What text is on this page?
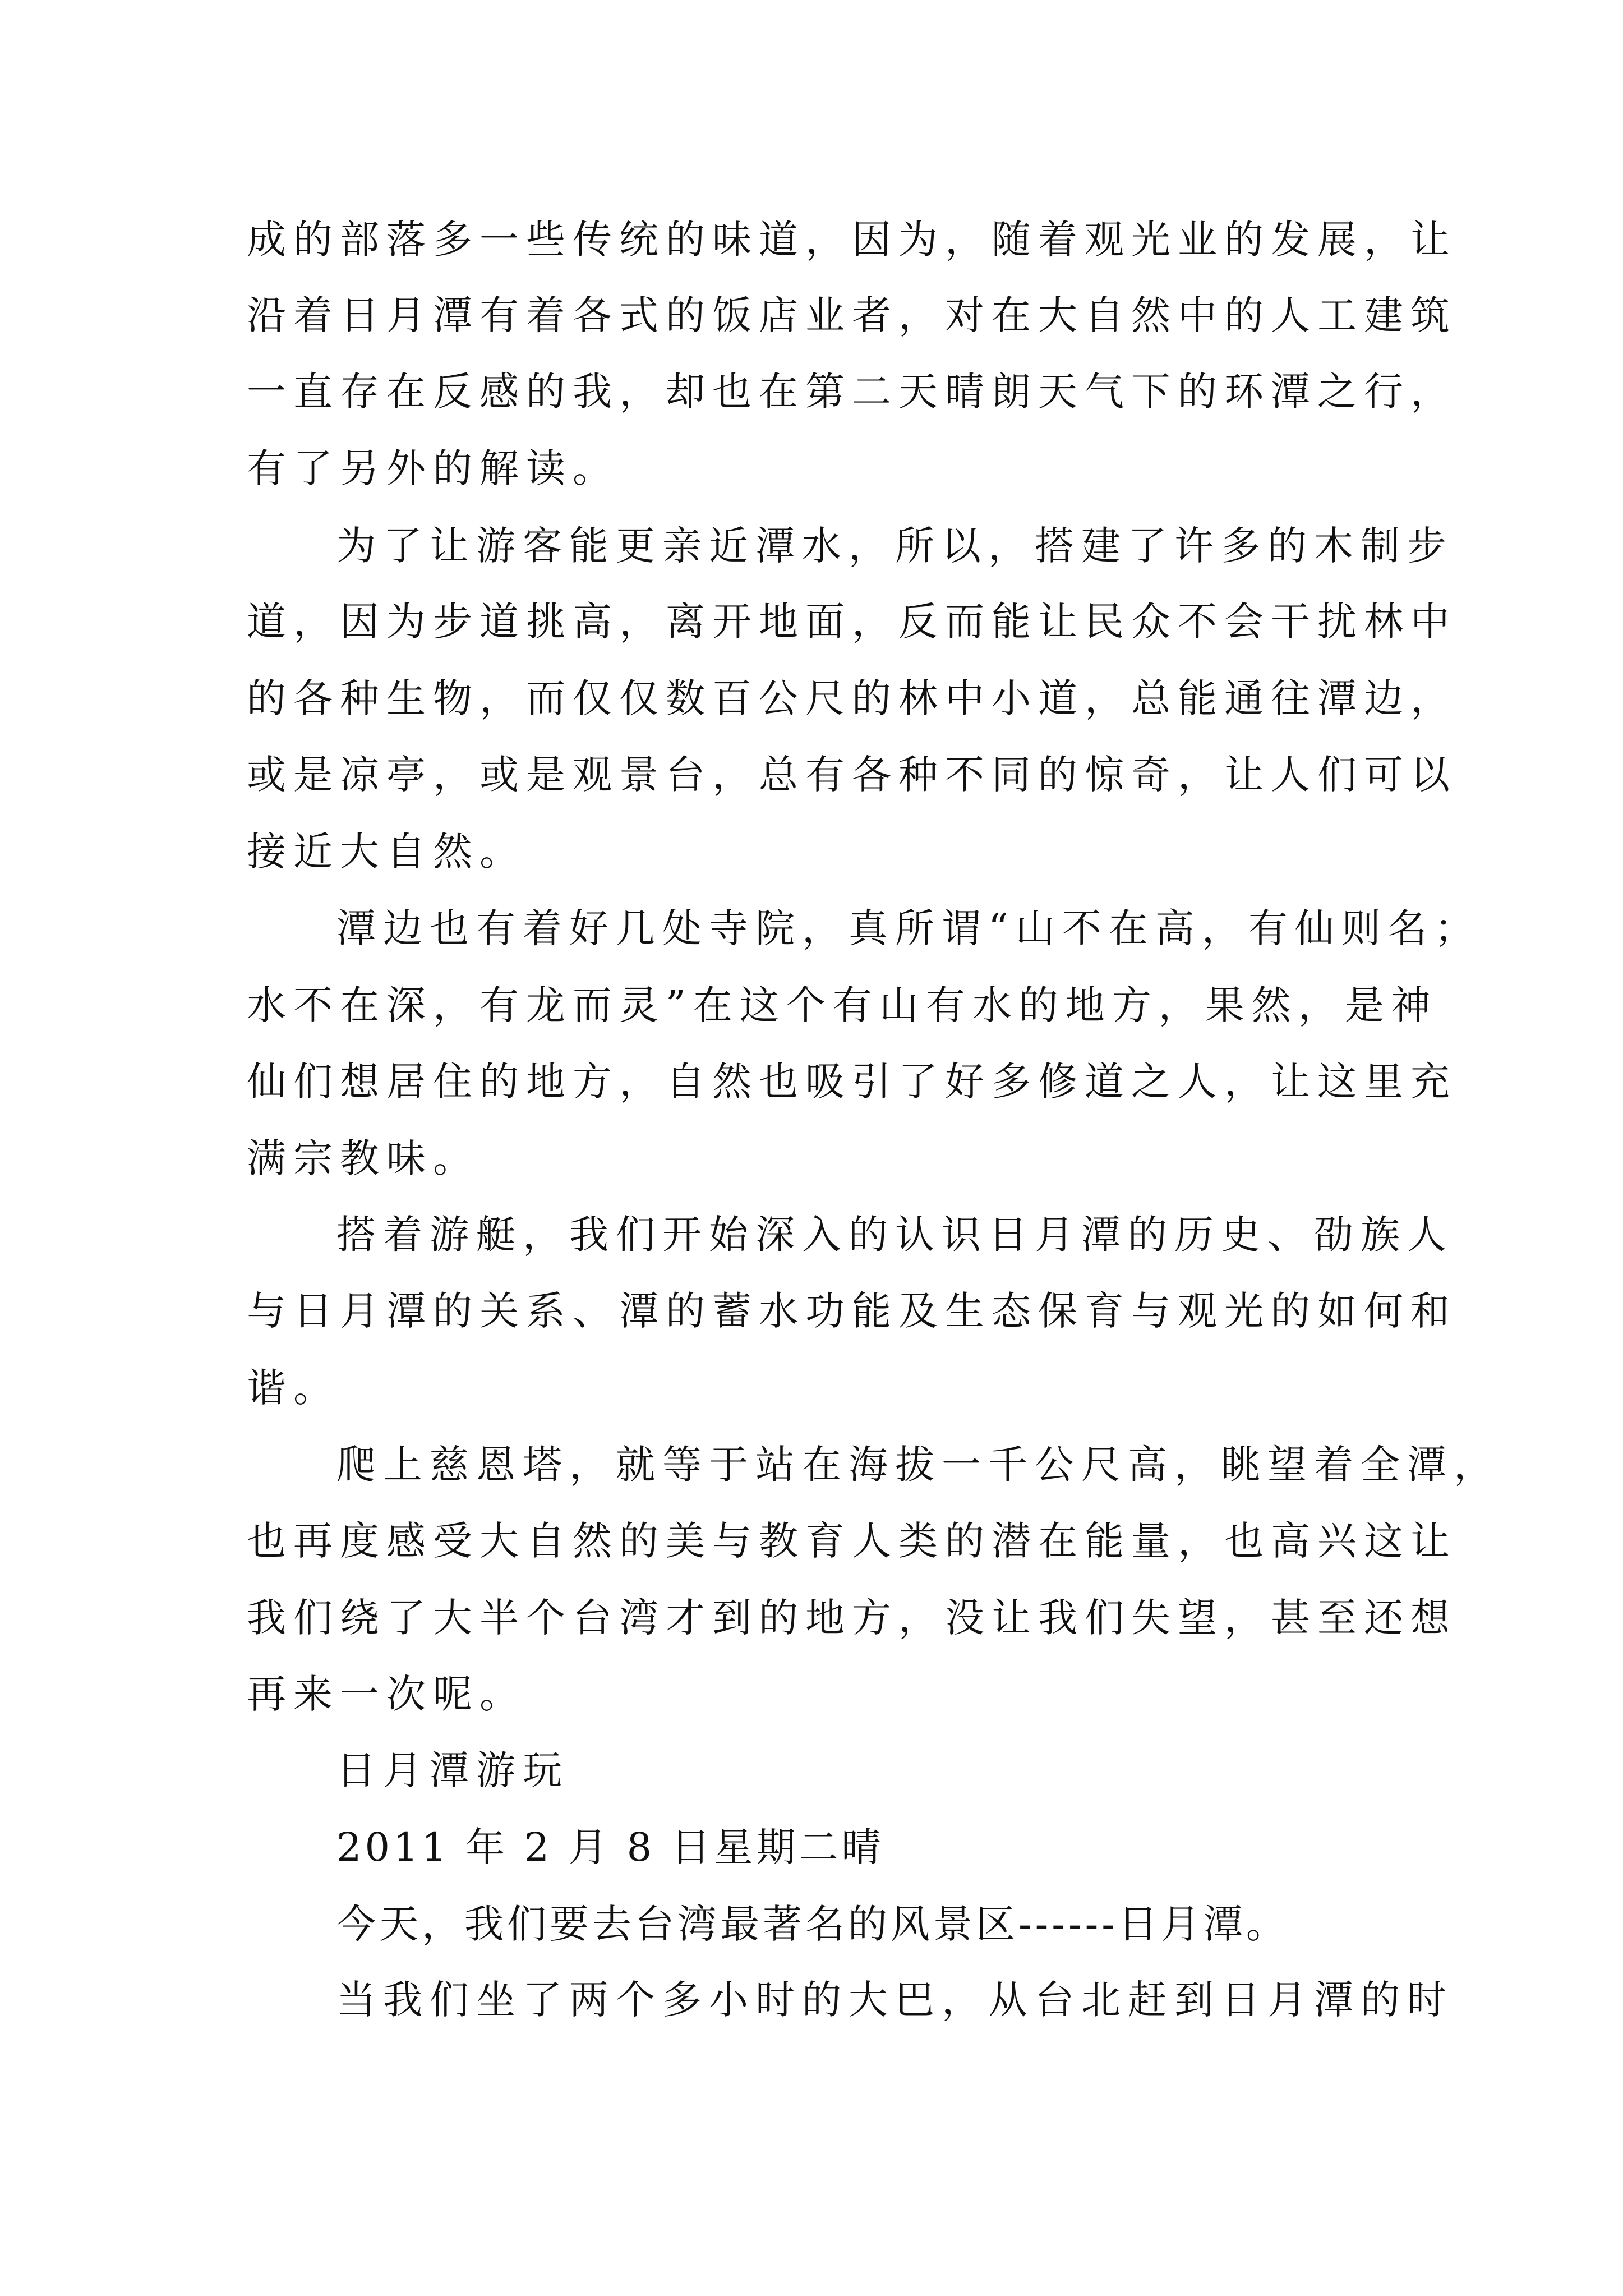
成的部落多一些传统的味道，因为，随着观光业的发展，让
沿着日月潭有着各式的饭店业者，对在大自然中的人工建筑
一直存在反感的我，却也在第二天晴朗天气下的环潭之行，
有了另外的解读。
为了让游客能更亲近潭水，所以，搭建了许多的木制步
道，因为步道挑高，离开地面，反而能让民众不会干扰林中
的各种生物，而仅仅数百公尺的林中小道，总能通往潭边，
或是凉亭，或是观景台，总有各种不同的惊奇，让人们可以
接近大自然。
潭边也有着好几处寺院，真所谓“山不在高，有仙则名；
水不在深，有龙而灵”在这个有山有水的地方，果然，是神
仙们想居住的地方，自然也吸引了好多修道之人，让这里充
满宗教味。
搭着游艇，我们开始深入的认识日月潭的历史、劭族人
与日月潭的关系、潭的蓄水功能及生态保育与观光的如何和
谐。
爬上慈恩塔，就等于站在海拔一千公尺高，眺望着全潭，
也再度感受大自然的美与教育人类的潜在能量，也高兴这让
我们绕了大半个台湾才到的地方，没让我们失望，甚至还想
再来一次呢。
日月潭游玩
2011 年 2 月 8 日星期二晴
今天，我们要去台湾最著名的风景区------日月潭。
当我们坐了两个多小时的大巴，从台北赶到日月潭的时
